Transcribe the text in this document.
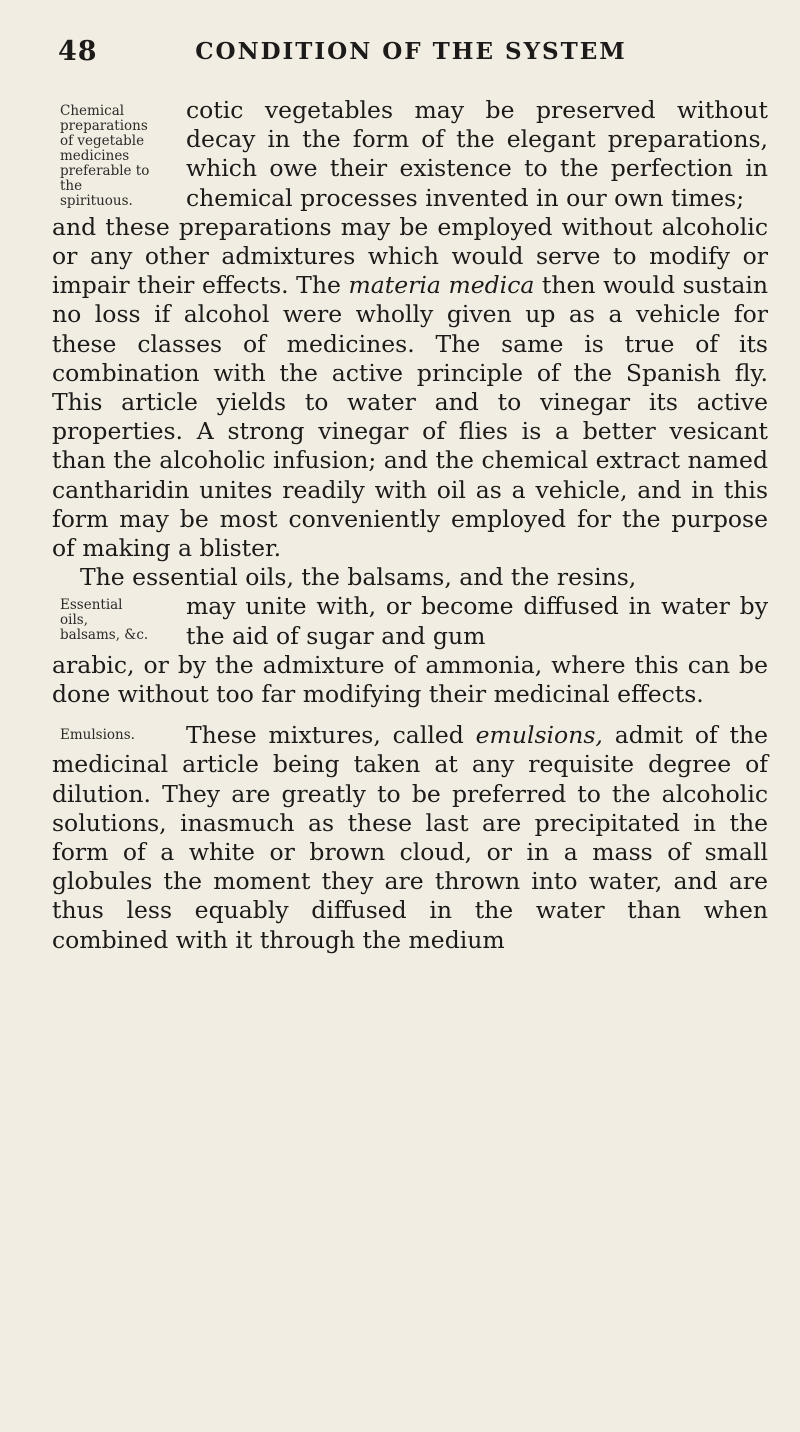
48	CONDITION OF THE SYSTEM
Chemical preparations of vegetable medicines preferable to the spirituous.

cotic vegetables may be preserved without decay in the form of the elegant preparations, which owe their existence to the perfection in chemical processes invented in our own times;

and these preparations may be employed without alcoholic or any other admixtures which would serve to modify or impair their effects. The materia medica then would sustain no loss if alcohol were wholly given up as a vehicle for these classes of medicines. The same is true of its combination with the active principle of the Spanish fly. This article yields to water and to vinegar its active properties. A strong vinegar of flies is a better vesicant than the alcoholic infusion; and the chemical extract named cantharidin unites readily with oil as a vehicle, and in this form may be most conveniently employed for the purpose of making a blister.

The essential oils, the balsams, and the resins,

Essential oils, balsams, &c.

may unite with, or become diffused in water by the aid of sugar and gum

arabic, or by the admixture of ammonia, where this can be done without too far modifying their medicinal effects.

Emulsions.	These mixtures, called emulsions, admit of the medicinal article being taken at any requisite degree of dilution. They are greatly to be preferred to the alcoholic solutions, inasmuch as these last are precipitated in the form of a white or brown cloud, or in a mass of small globules the moment they are thrown into water, and are thus less equably diffused in the water than when combined with it through the medium
